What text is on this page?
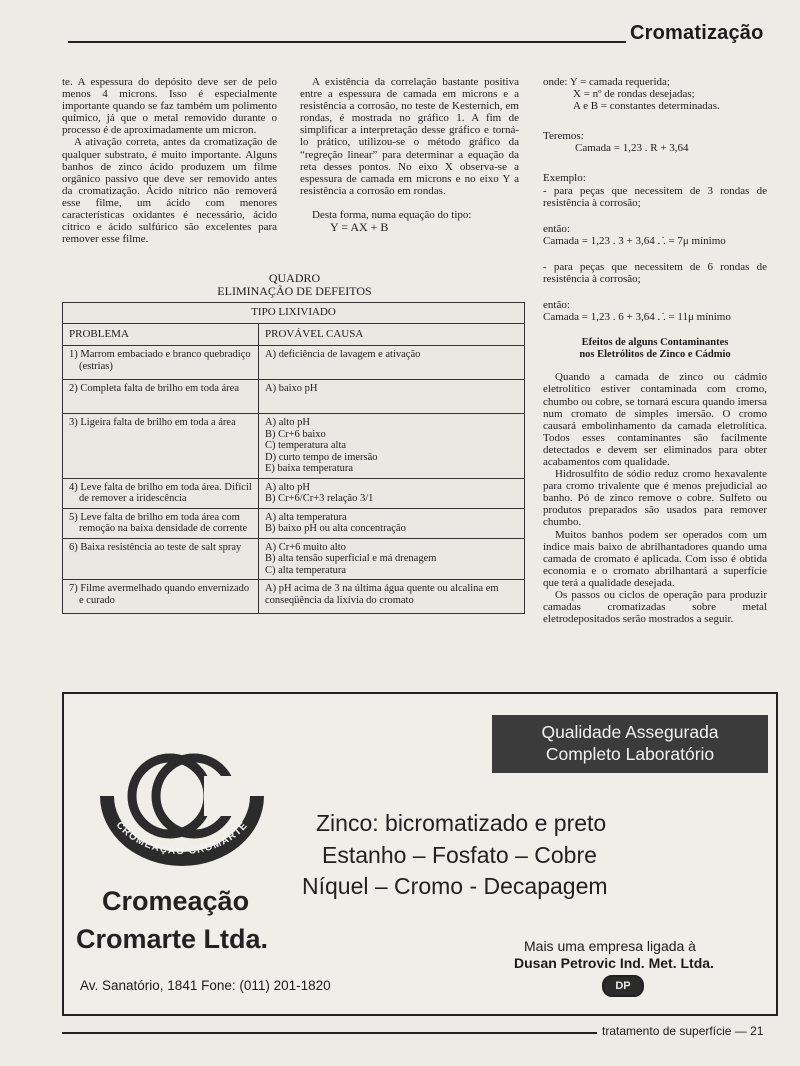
Cromatização

te. A espessura do depósito deve ser de pelo menos 4 microns. Isso é especialmente importante quando se faz também um polimento químico, já que o metal removido durante o processo é de aproximadamente um micron.

A ativação correta, antes da cromatização de qualquer substrato, é muito importante. Alguns banhos de zinco ácido produzem um filme orgânico passivo que deve ser removido antes da cromatização. Ácido nítrico não removerá esse filme, um ácido com menores características oxidantes é necessário, ácido cítrico e ácido sulfúrico são excelentes para remover esse filme.

A existência da correlação bastante positiva entre a espessura de camada em microns e a resistência a corrosão, no teste de Kesternich, em rondas, é mostrada no gráfico 1. A fim de simplificar a interpretação desse gráfico e torná-lo prático, utilizou-se o método gráfico da “regreção linear” para determinar a equação da reta desses pontos. No eixo X observa-se a espessura de camada em microns e no eixo Y a resistência a corrosão em rondas.

Desta forma, numa equação do tipo:

Y = AX + B

onde: Y = camada requerida;

X = nº de rondas desejadas;

A e B = constantes determinadas.

Teremos:

Camada = 1,23 . R + 3,64

Exemplo:

- para peças que necessitem de 3 rondas de resistência à corrosão;

então:

Camada = 1,23 . 3 + 3,64 . ̇. = 7μ mínimo

- para peças que necessitem de 6 rondas de resistência à corrosão;

então:

Camada = 1,23 . 6 + 3,64 . ̇. = 11μ mínimo

Efeitos de alguns Contaminantes
nos Eletrólitos de Zinco e Cádmio

Quando a camada de zinco ou cádmio eletrolítico estiver contaminada com cromo, chumbo ou cobre, se tornará escura quando imersa num cromato de simples imersão. O cromo causará embolinhamento da camada eletrolítica. Todos esses contaminantes são facilmente detectados e devem ser eliminados para obter acabamentos com qualidade.

Hidrosulfito de sódio reduz cromo hexavalente para cromo trivalente que é menos prejudicial ao banho. Pó de zinco remove o cobre. Sulfeto ou produtos preparados são usados para remover chumbo.

Muitos banhos podem ser operados com um índice mais baixo de abrilhantadores quando uma camada de cromato é aplicada. Com isso é obtida economia e o cromato abrilhantará a superfície que terá a qualidade desejada.

Os passos ou ciclos de operação para produzir camadas cromatizadas sobre metal eletrodepositados serão mostrados a seguir.

QUADRO
ELIMINAÇÃO DE DEFEITOS
TIPO LIXIVIADO	
PROBLEMA	PROVÁVEL CAUSA

1) Marrom embaciado e branco quebradiço (estrias)	A) deficiência de lavagem e ativação

2) Completa falta de brilho em toda área	A) baixo pH

3) Ligeira falta de brilho em toda a área	A) alto pH
B) Cr+6 baixo
C) temperatura alta
D) curto tempo de imersão
E) baixa temperatura

4) Leve falta de brilho em toda área. Difícil de remover a iridescência	A) alto pH
B) Cr+6/Cr+3 relação 3/1

5) Leve falta de brilho em toda área com remoção na baixa densidade de corrente	A) alta temperatura
B) baixo pH ou alta concentração

6) Baixa resistência ao teste de salt spray	A) Cr+6 muito alto
B) alta tensão superficial e má drenagem
C) alta temperatura

7) Filme avermelhado quando envernizado e curado	A) pH acima de 3 na última água quente ou alcalina em conseqüência da lixívia do cromato
Qualidade Assegurada
Completo Laboratório
CROMEAÇÃO CROMARTE
Cromeação
Cromarte Ltda.
Zinco: bicromatizado e preto
Estanho – Fosfato – Cobre
Níquel – Cromo - Decapagem
Mais uma empresa ligada à
Dusan Petrovic Ind. Met. Ltda.
DP
Av. Sanatório, 1841 Fone: (011) 201-1820
tratamento de superfície — 21
